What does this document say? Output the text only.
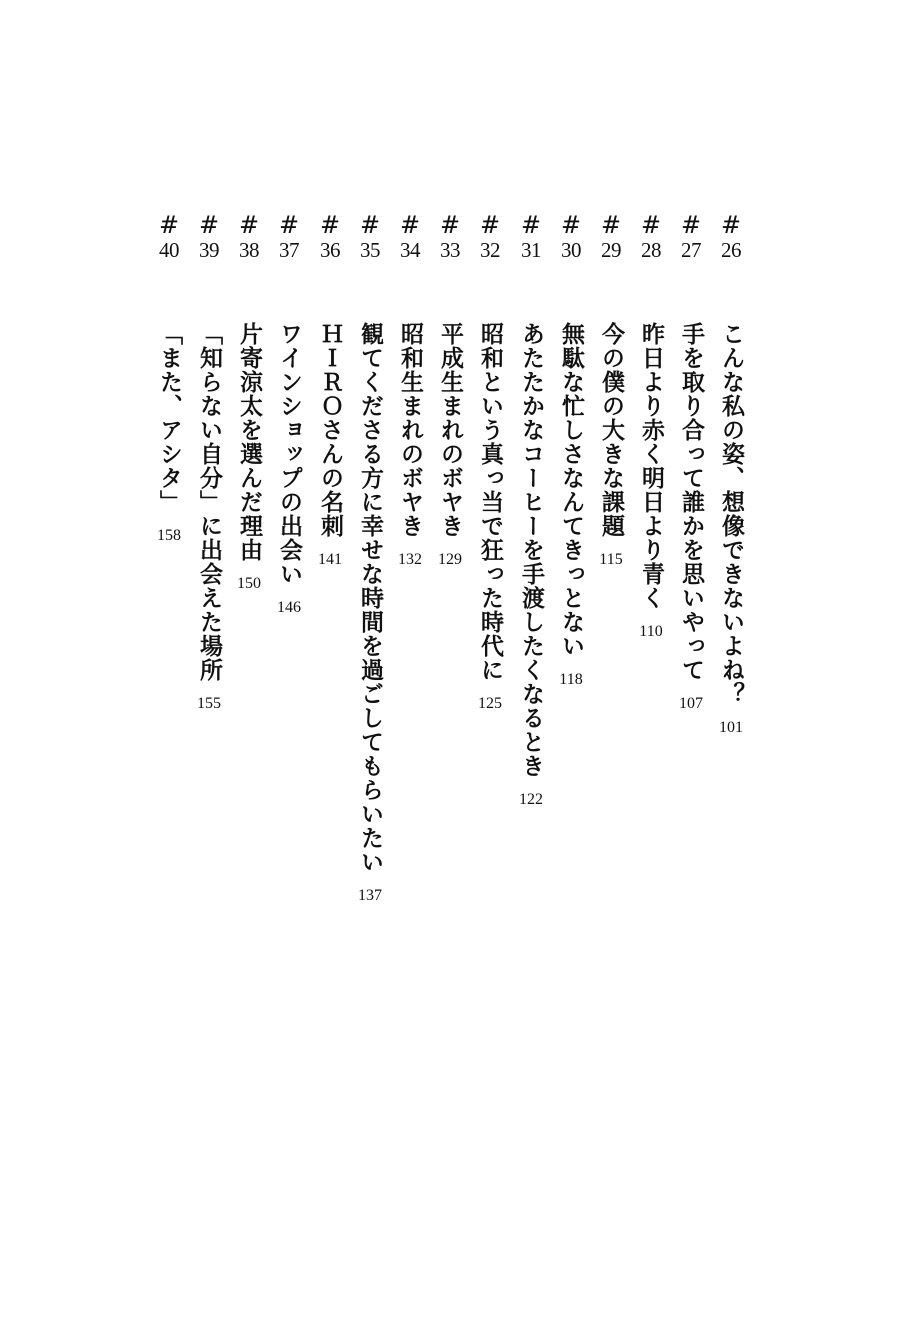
#
26
こんな私の姿、想像できないよね？
101
#
27
手を取り合って誰かを思いやって
107
#
28
昨日より赤く明日より青く
110
#
29
今の僕の大きな課題
115
#
30
無駄な忙しさなんてきっとない
118
#
31
あたたかなコーヒーを手渡したくなるとき
122
#
32
昭和という真っ当で狂った時代に
125
#
33
平成生まれのボヤき
129
#
34
昭和生まれのボヤき
132
#
35
観てくださる方に幸せな時間を過ごしてもらいたい
137
#
36
ＨＩＲＯさんの名刺
141
#
37
ワインショップの出会い
146
#
38
片寄涼太を選んだ理由
150
#
39
「知らない自分」に出会えた場所
155
#
40
「また、アシタ」
158
